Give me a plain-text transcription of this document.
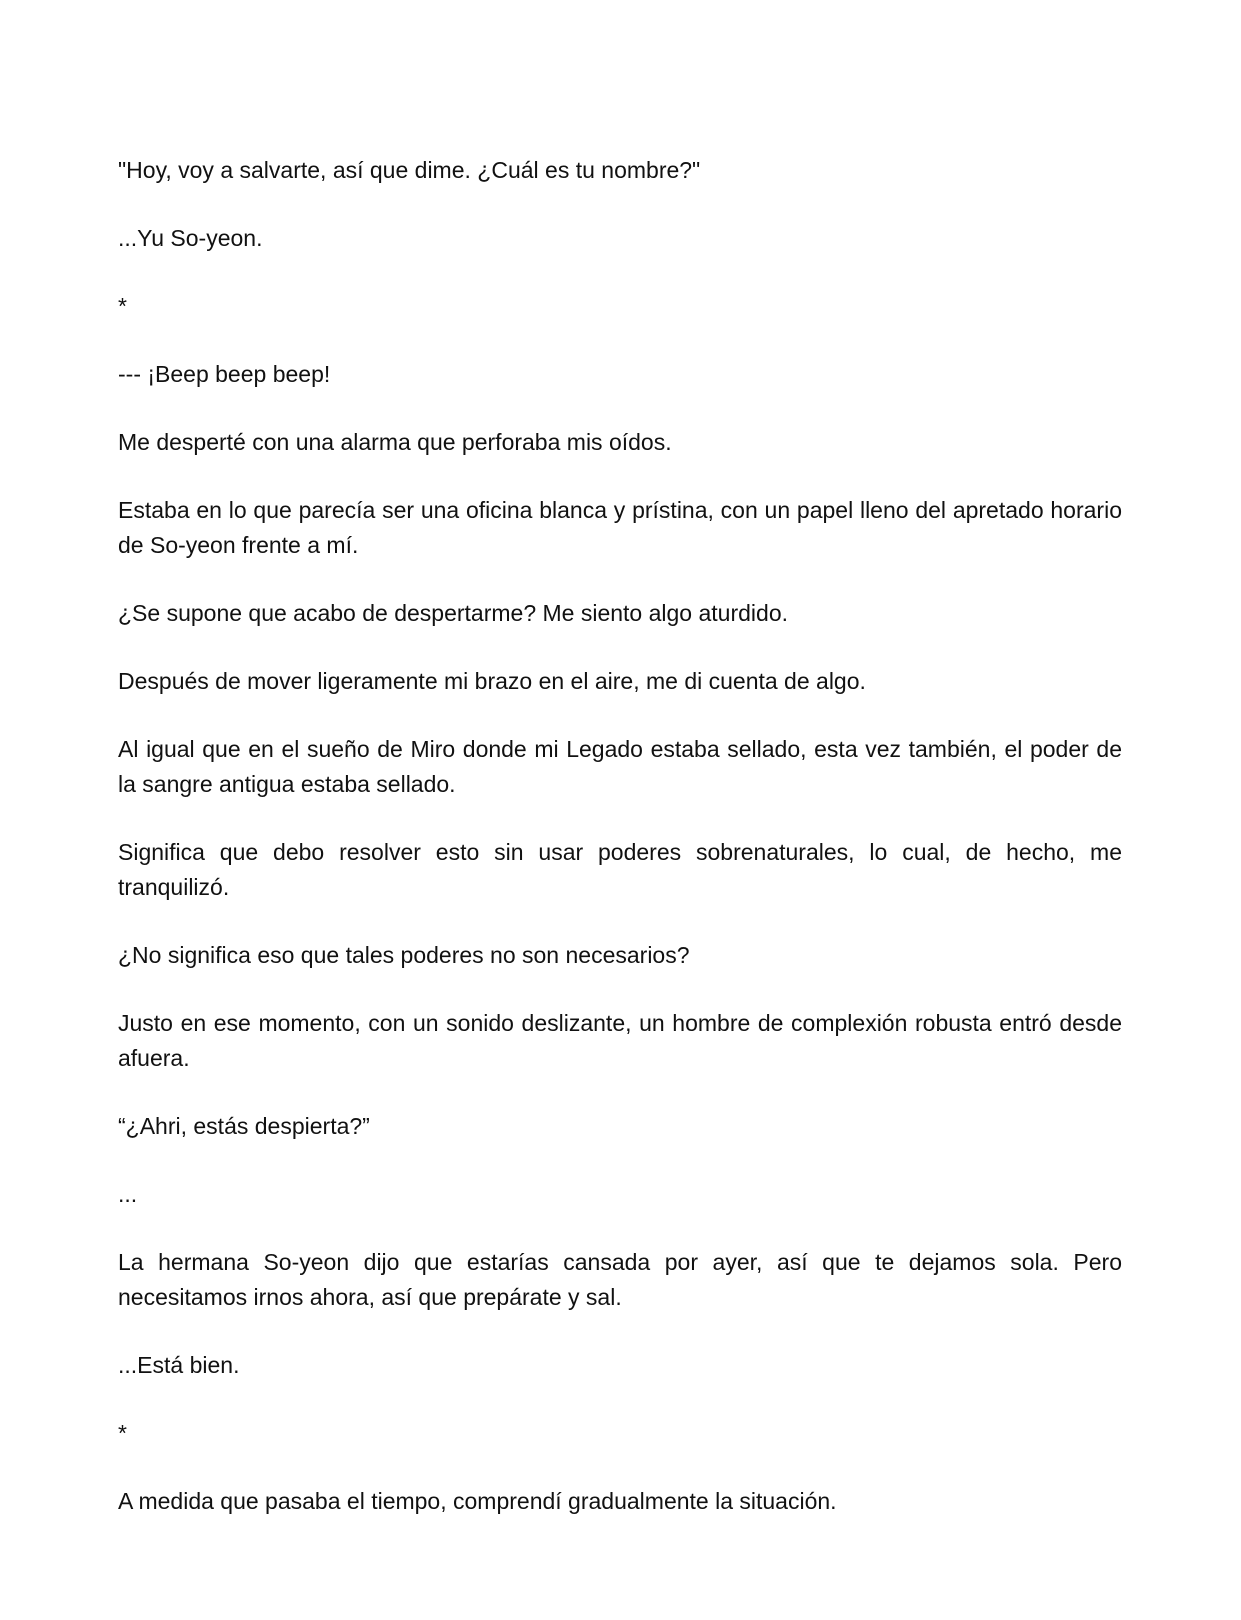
"Hoy, voy a salvarte, así que dime. ¿Cuál es tu nombre?"

...Yu So-yeon.

*

--- ¡Beep beep beep!

Me desperté con una alarma que perforaba mis oídos.

Estaba en lo que parecía ser una oficina blanca y prístina, con un papel lleno del apretado horario de So-yeon frente a mí.

¿Se supone que acabo de despertarme? Me siento algo aturdido.

Después de mover ligeramente mi brazo en el aire, me di cuenta de algo.

Al igual que en el sueño de Miro donde mi Legado estaba sellado, esta vez también, el poder de la sangre antigua estaba sellado.

Significa que debo resolver esto sin usar poderes sobrenaturales, lo cual, de hecho, me tranquilizó.

¿No significa eso que tales poderes no son necesarios?

Justo en ese momento, con un sonido deslizante, un hombre de complexión robusta entró desde afuera.

“¿Ahri, estás despierta?”

...

La hermana So-yeon dijo que estarías cansada por ayer, así que te dejamos sola. Pero necesitamos irnos ahora, así que prepárate y sal.

...Está bien.

*

A medida que pasaba el tiempo, comprendí gradualmente la situación.
